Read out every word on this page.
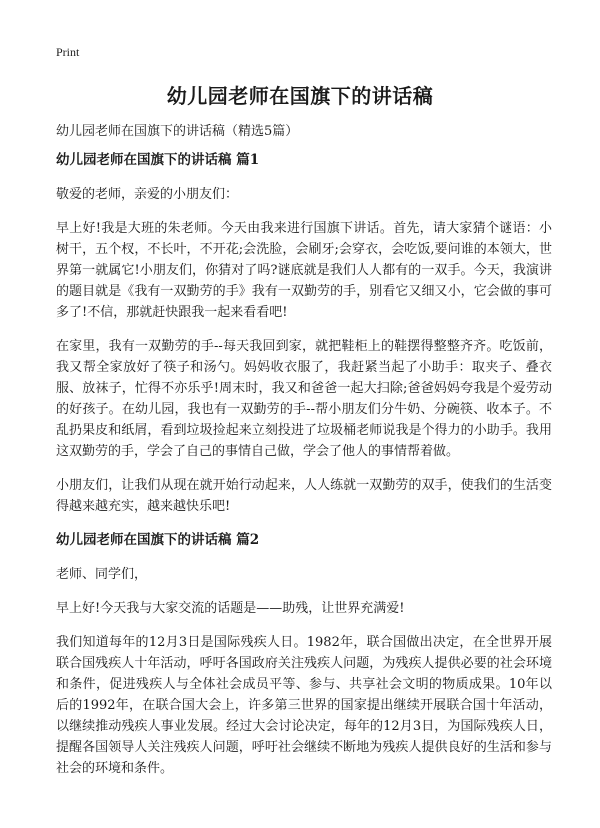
Print
幼儿园老师在国旗下的讲话稿
幼儿园老师在国旗下的讲话稿（精选5篇）
幼儿园老师在国旗下的讲话稿 篇1

敬爱的老师，亲爱的小朋友们：

早上好!我是大班的朱老师。今天由我来进行国旗下讲话。首先，请大家猜个谜语：小树干，五个杈，不长叶，不开花;会洗脸，会刷牙;会穿衣，会吃饭,要问谁的本领大，世界第一就属它!小朋友们，你猜对了吗?谜底就是我们人人都有的一双手。今天，我演讲的题目就是《我有一双勤劳的手》我有一双勤劳的手，别看它又细又小，它会做的事可多了!不信，那就赶快跟我一起来看看吧!

在家里，我有一双勤劳的手--每天我回到家，就把鞋柜上的鞋摆得整整齐齐。吃饭前，我又帮全家放好了筷子和汤勺。妈妈收衣服了，我赶紧当起了小助手：取夹子、叠衣服、放袜子，忙得不亦乐乎!周末时，我又和爸爸一起大扫除;爸爸妈妈夸我是个爱劳动的好孩子。在幼儿园，我也有一双勤劳的手--帮小朋友们分牛奶、分碗筷、收本子。不乱扔果皮和纸屑，看到垃圾捡起来立刻投进了垃圾桶老师说我是个得力的小助手。我用这双勤劳的手，学会了自己的事情自己做，学会了他人的事情帮着做。

小朋友们，让我们从现在就开始行动起来，人人练就一双勤劳的双手，使我们的生活变得越来越充实，越来越快乐吧!

幼儿园老师在国旗下的讲话稿 篇2

老师、同学们，

早上好!今天我与大家交流的话题是——助残，让世界充满爱!

我们知道每年的12月3日是国际残疾人日。1982年，联合国做出决定，在全世界开展联合国残疾人十年活动，呼吁各国政府关注残疾人问题，为残疾人提供必要的社会环境和条件，促进残疾人与全体社会成员平等、参与、共享社会文明的物质成果。10年以后的1992年，在联合国大会上，许多第三世界的国家提出继续开展联合国十年活动，以继续推动残疾人事业发展。经过大会讨论决定，每年的12月3日，为国际残疾人日，提醒各国领导人关注残疾人问题，呼吁社会继续不断地为残疾人提供良好的生活和参与社会的环境和条件。
